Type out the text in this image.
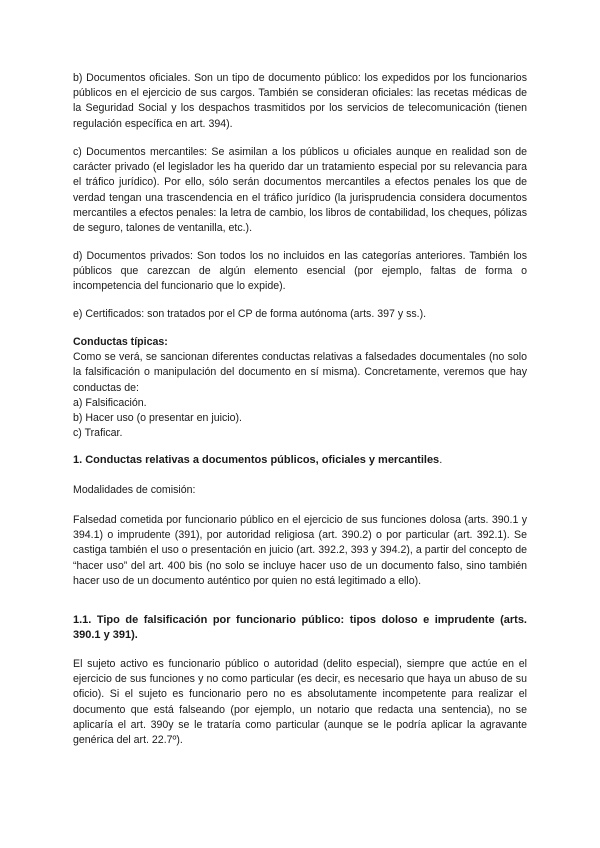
b) Documentos oficiales. Son un tipo de documento público: los expedidos por los funcionarios públicos en el ejercicio de sus cargos. También se consideran oficiales: las recetas médicas de la Seguridad Social y los despachos trasmitidos por los servicios de telecomunicación (tienen regulación específica en art. 394).

c) Documentos mercantiles: Se asimilan a los públicos u oficiales aunque en realidad son de carácter privado (el legislador les ha querido dar un tratamiento especial por su relevancia para el tráfico jurídico). Por ello, sólo serán documentos mercantiles a efectos penales los que de verdad tengan una trascendencia en el tráfico jurídico (la jurisprudencia considera documentos mercantiles a efectos penales: la letra de cambio, los libros de contabilidad, los cheques, pólizas de seguro, talones de ventanilla, etc.).

d) Documentos privados: Son todos los no incluidos en las categorías anteriores. También los públicos que carezcan de algún elemento esencial (por ejemplo, faltas de forma o incompetencia del funcionario que lo expide).

e) Certificados: son tratados por el CP de forma autónoma (arts. 397 y ss.).

Conductas típicas:
Como se verá, se sancionan diferentes conductas relativas a falsedades documentales (no solo la falsificación o manipulación del documento en sí misma). Concretamente, veremos que hay conductas de:
a) Falsificación.
b) Hacer uso (o presentar en juicio).
c) Traficar.

1. Conductas relativas a documentos públicos, oficiales y mercantiles.

Modalidades de comisión:

Falsedad cometida por funcionario público en el ejercicio de sus funciones dolosa (arts. 390.1 y 394.1) o imprudente (391), por autoridad religiosa (art. 390.2) o por particular (art. 392.1). Se castiga también el uso o presentación en juicio (art. 392.2, 393 y 394.2), a partir del concepto de “hacer uso” del art. 400 bis (no solo se incluye hacer uso de un documento falso, sino también hacer uso de un documento auténtico por quien no está legitimado a ello).

1.1. Tipo de falsificación por funcionario público: tipos doloso e imprudente (arts. 390.1 y 391).

El sujeto activo es funcionario público o autoridad (delito especial), siempre que actúe en el ejercicio de sus funciones y no como particular (es decir, es necesario que haya un abuso de su oficio). Si el sujeto es funcionario pero no es absolutamente incompetente para realizar el documento que está falseando (por ejemplo, un notario que redacta una sentencia), no se aplicaría el art. 390y se le trataría como particular (aunque se le podría aplicar la agravante genérica del art. 22.7º).
